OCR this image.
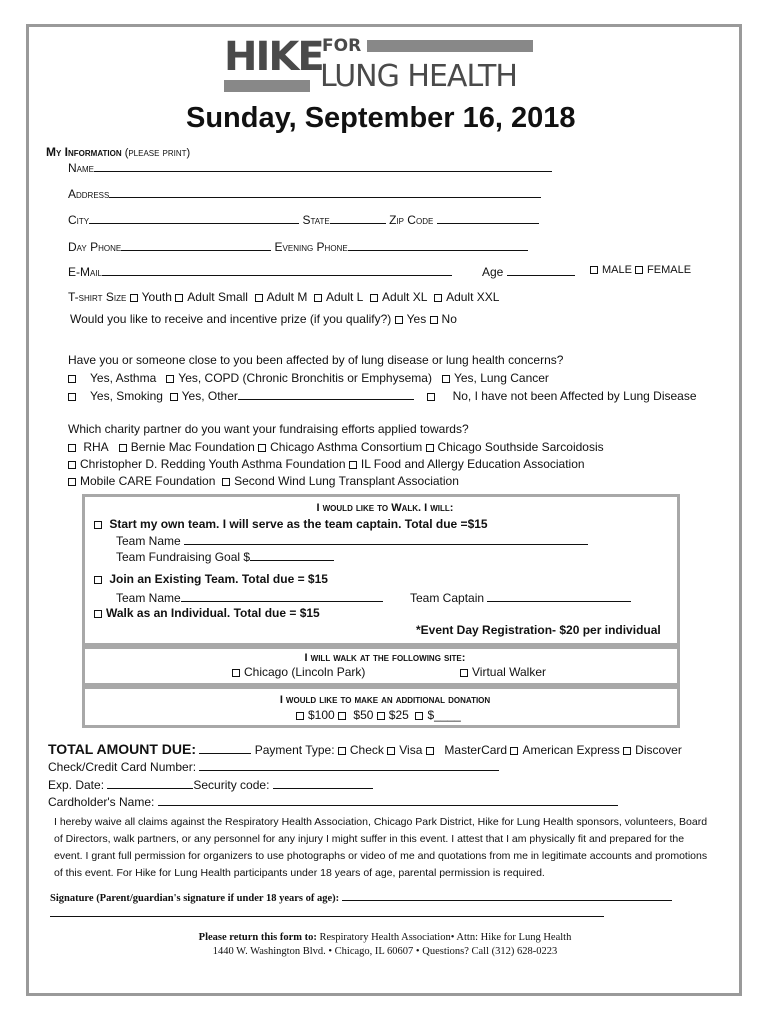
HIKE FOR
LUNG HEALTH
Sunday, September 16, 2018
My Information (please print)
Name
Address
City	State	Zip Code
Day Phone	Evening Phone
E-Mail	Age	MALE FEMALE
T-shirt Size Youth Adult Small Adult M Adult L Adult XL Adult XXL
Would you like to receive and incentive prize (if you qualify?) Yes No
Have you or someone close to you been affected by of lung disease or lung health concerns?
Yes, Asthma Yes, COPD (Chronic Bronchitis or Emphysema) Yes, Lung Cancer
Yes, Smoking Yes, Other	No, I have not been Affected by Lung Disease
Which charity partner do you want your fundraising efforts applied towards?
RHA Bernie Mac Foundation Chicago Asthma Consortium Chicago Southside Sarcoidosis
Christopher D. Redding Youth Asthma Foundation IL Food and Allergy Education Association
Mobile CARE Foundation Second Wind Lung Transplant Association
I would like to Walk. I will:
Start my own team. I will serve as the team captain. Total due =$15
Team Name
Team Fundraising Goal $
Join an Existing Team. Total due = $15
Team Name	Team Captain
Walk as an Individual. Total due = $15
*Event Day Registration- $20 per individual
I will walk at the following site:
Chicago (Lincoln Park)	Virtual Walker
I would like to make an additional donation
$100 $50 $25 $____
TOTAL AMOUNT DUE:	Payment Type: Check Visa MasterCard American Express Discover
Check/Credit Card Number:
Exp. Date:	Security code:
Cardholder's Name:
I hereby waive all claims against the Respiratory Health Association, Chicago Park District, Hike for Lung Health sponsors, volunteers, Board of Directors, walk partners, or any personnel for any injury I might suffer in this event. I attest that I am physically fit and prepared for the event. I grant full permission for organizers to use photographs or video of me and quotations from me in legitimate accounts and promotions of this event. For Hike for Lung Health participants under 18 years of age, parental permission is required.
Signature (Parent/guardian's signature if under 18 years of age):
Please return this form to: Respiratory Health Association• Attn: Hike for Lung Health
1440 W. Washington Blvd. • Chicago, IL 60607 • Questions? Call (312) 628-0223
